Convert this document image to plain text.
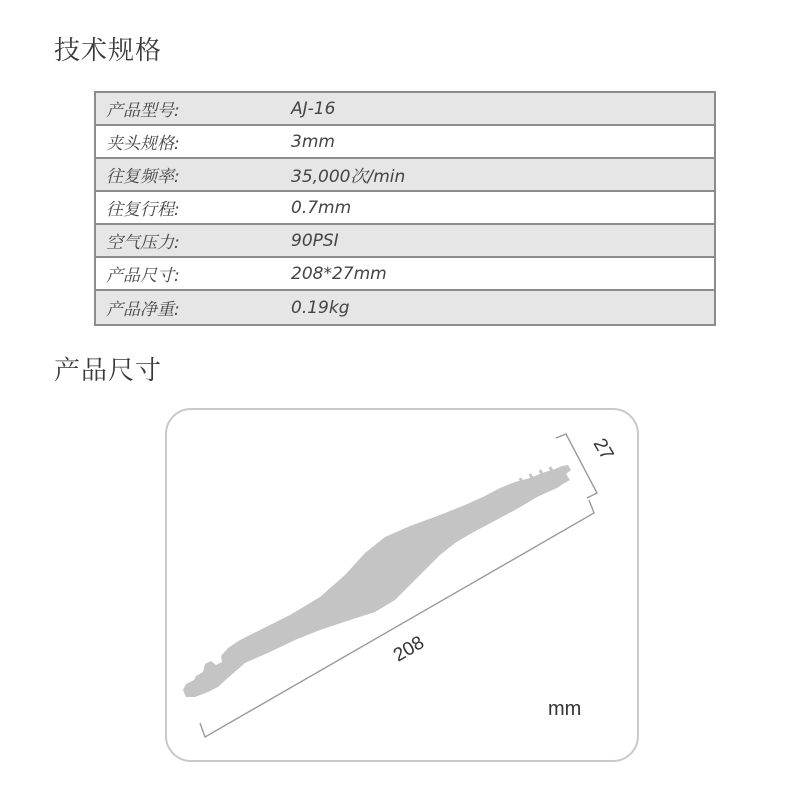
技术规格
产品型号:	AJ-16
夹头规格:	3mm
往复频率:	35,000次/min
往复行程:	0.7mm
空气压力:	90PSI
产品尺寸:	208*27mm
产品净重:	0.19kg
产品尺寸
208
27
mm
